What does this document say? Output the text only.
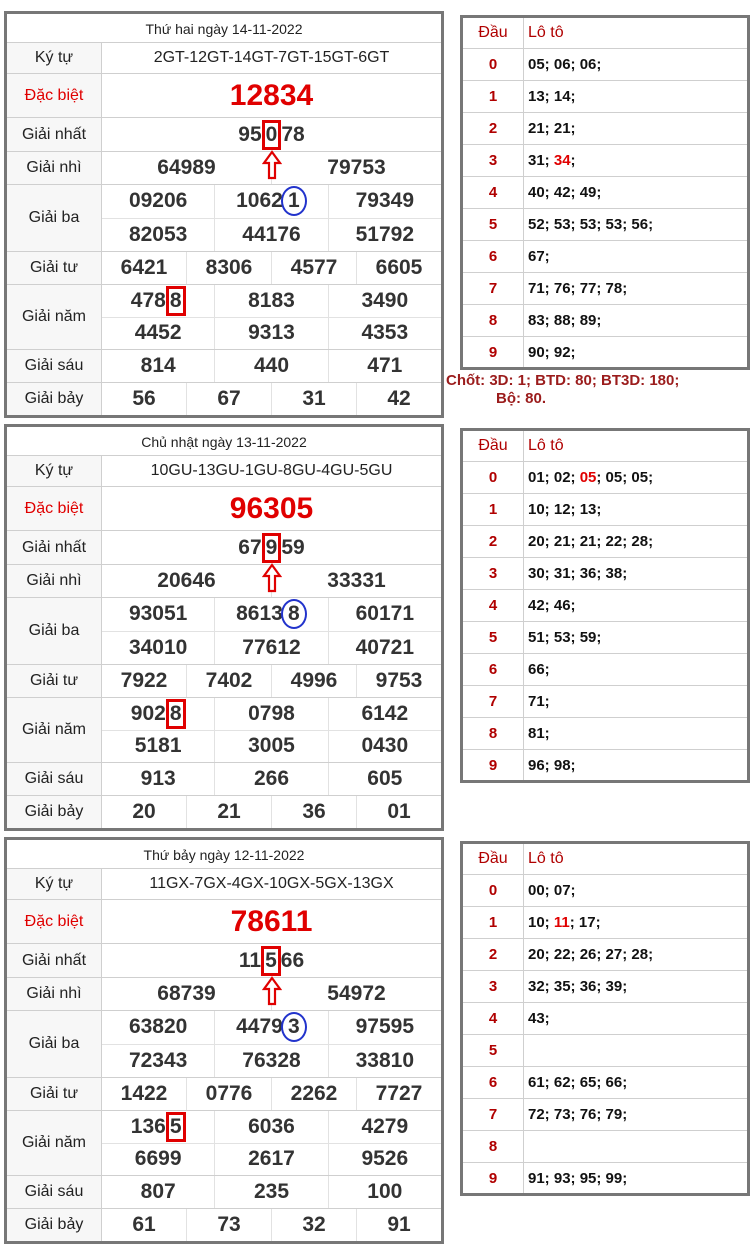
Thứ hai ngày 14-11-2022
Ký tự	2GT-12GT-14GT-7GT-15GT-6GT
Đặc biệt	12834
Giải nhất	95 0 78
Giải nhì	64989	79753
Giải ba
09206	1062 1	79349
82053	44176	51792
Giải tư	6421	8306	4577	6605
Giải năm
478 8	8183	3490
4452	9313	4353
Giải sáu	814	440	471
Giải bảy	56	67	31	42
Chủ nhật ngày 13-11-2022
Ký tự	10GU-13GU-1GU-8GU-4GU-5GU
Đặc biệt	96305
Giải nhất	67 9 59
Giải nhì	20646	33331
Giải ba
93051	8613 8	60171
34010	77612	40721
Giải tư	7922	7402	4996	9753
Giải năm
902 8	0798	6142
5181	3005	0430
Giải sáu	913	266	605
Giải bảy	20	21	36	01
Thứ bảy ngày 12-11-2022
Ký tự	11GX-7GX-4GX-10GX-5GX-13GX
Đặc biệt	78611
Giải nhất	11 5 66
Giải nhì	68739	54972
Giải ba
63820	4479 3	97595
72343	76328	33810
Giải tư	1422	0776	2262	7727
Giải năm
136 5	6036	4279
6699	2617	9526
Giải sáu	807	235	100
Giải bảy	61	73	32	91
Đầu	Lô tô
0	05; 06; 06;
1	13; 14;
2	21; 21;
3	31; 34 ;
4	40; 42; 49;
5	52; 53; 53; 53; 56;
6	67;
7	71; 76; 77; 78;
8	83; 88; 89;
9	90; 92;
Đầu	Lô tô
0	01; 02; 05 ; 05; 05;
1	10; 12; 13;
2	20; 21; 21; 22; 28;
3	30; 31; 36; 38;
4	42; 46;
5	51; 53; 59;
6	66;
7	71;
8	81;
9	96; 98;
Đầu	Lô tô
0	00; 07;
1	10; 11 ; 17;
2	20; 22; 26; 27; 28;
3	32; 35; 36; 39;
4	43;
5
6	61; 62; 65; 66;
7	72; 73; 76; 79;
8
9	91; 93; 95; 99;
Chốt: 3D: 1; BTD: 80; BT3D: 180;
Bộ: 80.
